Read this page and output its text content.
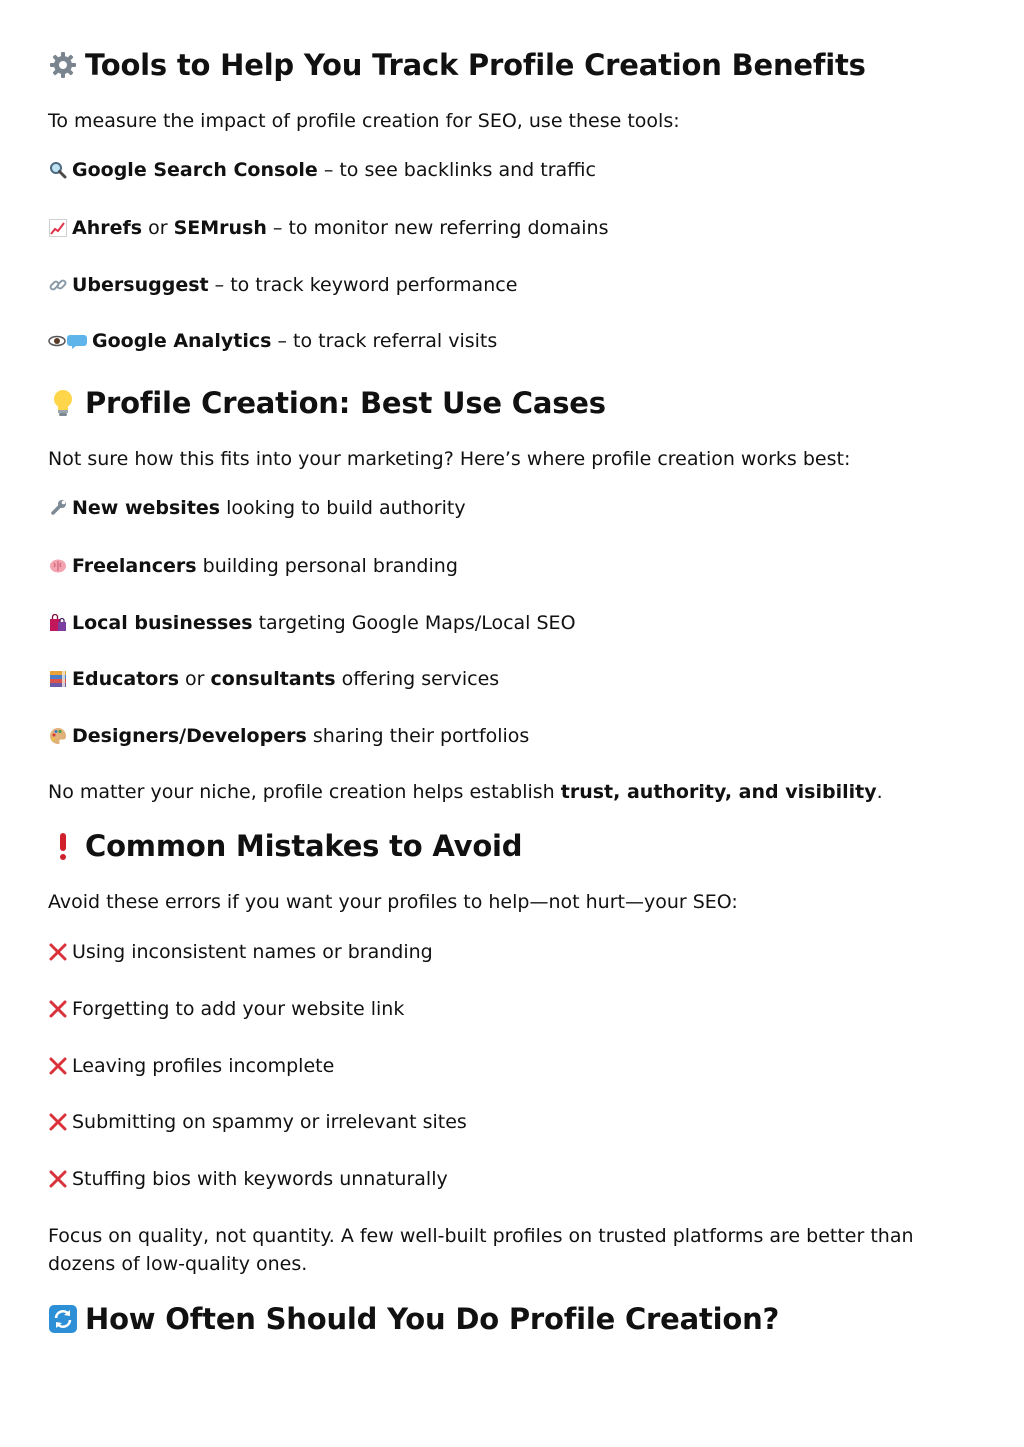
Tools to Help You Track Profile Creation Benefits
To measure the impact of profile creation for SEO, use these tools:
Google Search Console – to see backlinks and traffic
Ahrefs or SEMrush – to monitor new referring domains
Ubersuggest – to track keyword performance
Google Analytics – to track referral visits
Profile Creation: Best Use Cases
Not sure how this fits into your marketing? Here’s where profile creation works best:
New websites looking to build authority
Freelancers building personal branding
Local businesses targeting Google Maps/Local SEO
Educators or consultants offering services
Designers/Developers sharing their portfolios
No matter your niche, profile creation helps establish trust, authority, and visibility.
Common Mistakes to Avoid
Avoid these errors if you want your profiles to help—not hurt—your SEO:
Using inconsistent names or branding
Forgetting to add your website link
Leaving profiles incomplete
Submitting on spammy or irrelevant sites
Stuffing bios with keywords unnaturally
Focus on quality, not quantity. A few well-built profiles on trusted platforms are better than dozens of low-quality ones.
How Often Should You Do Profile Creation?
